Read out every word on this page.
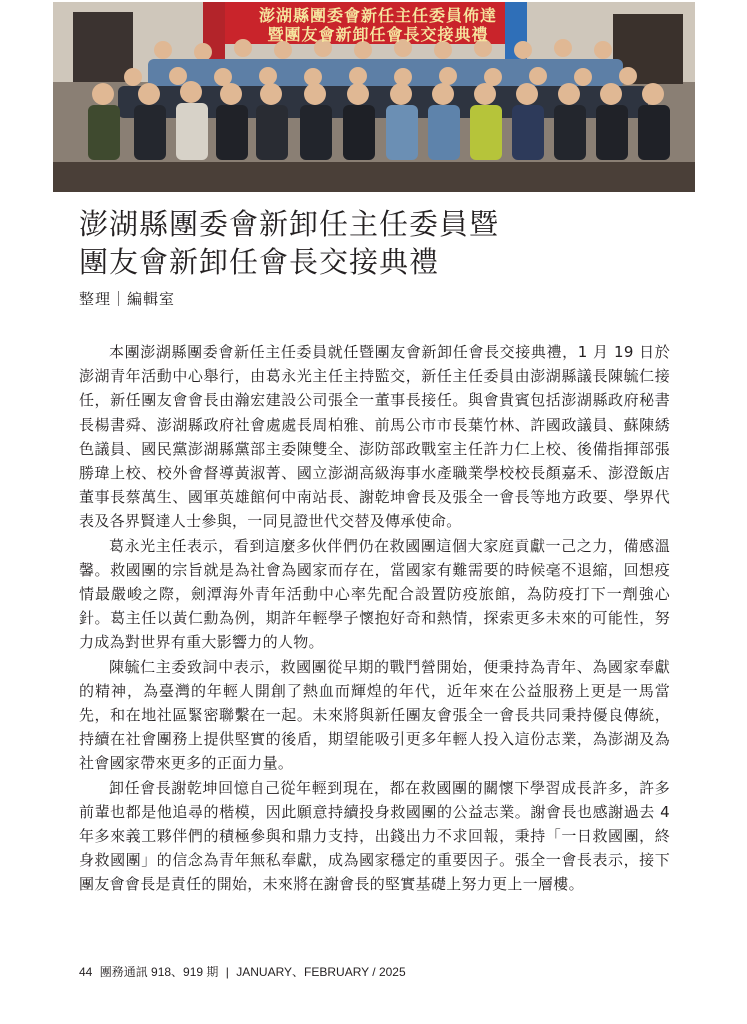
澎湖縣團委會新任主任委員佈達
暨團友會新卸任會長交接典禮
澎湖縣團委會新卸任主任委員暨
團友會新卸任會長交接典禮
整理｜編輯室

本團澎湖縣團委會新任主任委員就任暨團友會新卸任會長交接典禮，1 月 19 日於澎湖青年活動中心舉行，由葛永光主任主持監交，新任主任委員由澎湖縣議長陳毓仁接任，新任團友會會長由瀚宏建設公司張全一董事長接任。與會貴賓包括澎湖縣政府秘書長楊書舜、澎湖縣政府社會處處長周柏雅、前馬公市市長葉竹林、許國政議員、蘇陳綉色議員、國民黨澎湖縣黨部主委陳雙全、澎防部政戰室主任許力仁上校、後備指揮部張勝瑋上校、校外會督導黃淑菁、國立澎湖高級海事水產職業學校校長顏嘉禾、澎澄飯店董事長蔡萬生、國軍英雄館何中南站長、謝乾坤會長及張全一會長等地方政要、學界代表及各界賢達人士參與，一同見證世代交替及傳承使命。

葛永光主任表示，看到這麼多伙伴們仍在救國團這個大家庭貢獻一己之力，備感溫馨。救國團的宗旨就是為社會為國家而存在，當國家有難需要的時候毫不退縮，回想疫情最嚴峻之際，劍潭海外青年活動中心率先配合設置防疫旅館，為防疫打下一劑強心針。葛主任以黃仁勳為例，期許年輕學子懷抱好奇和熱情，探索更多未來的可能性，努力成為對世界有重大影響力的人物。

陳毓仁主委致詞中表示，救國團從早期的戰鬥營開始，便秉持為青年、為國家奉獻的精神，為臺灣的年輕人開創了熱血而輝煌的年代，近年來在公益服務上更是一馬當先，和在地社區緊密聯繫在一起。未來將與新任團友會張全一會長共同秉持優良傳統，持續在社會團務上提供堅實的後盾，期望能吸引更多年輕人投入這份志業，為澎湖及為社會國家帶來更多的正面力量。

卸任會長謝乾坤回憶自己從年輕到現在，都在救國團的關懷下學習成長許多，許多前輩也都是他追尋的楷模，因此願意持續投身救國團的公益志業。謝會長也感謝過去 4 年多來義工夥伴們的積極參與和鼎力支持，出錢出力不求回報，秉持「一日救國團，終身救國團」的信念為青年無私奉獻，成為國家穩定的重要因子。張全一會長表示，接下團友會會長是責任的開始，未來將在謝會長的堅實基礎上努力更上一層樓。

44 團務通訊 918、919 期 | JANUARY、FEBRUARY / 2025
